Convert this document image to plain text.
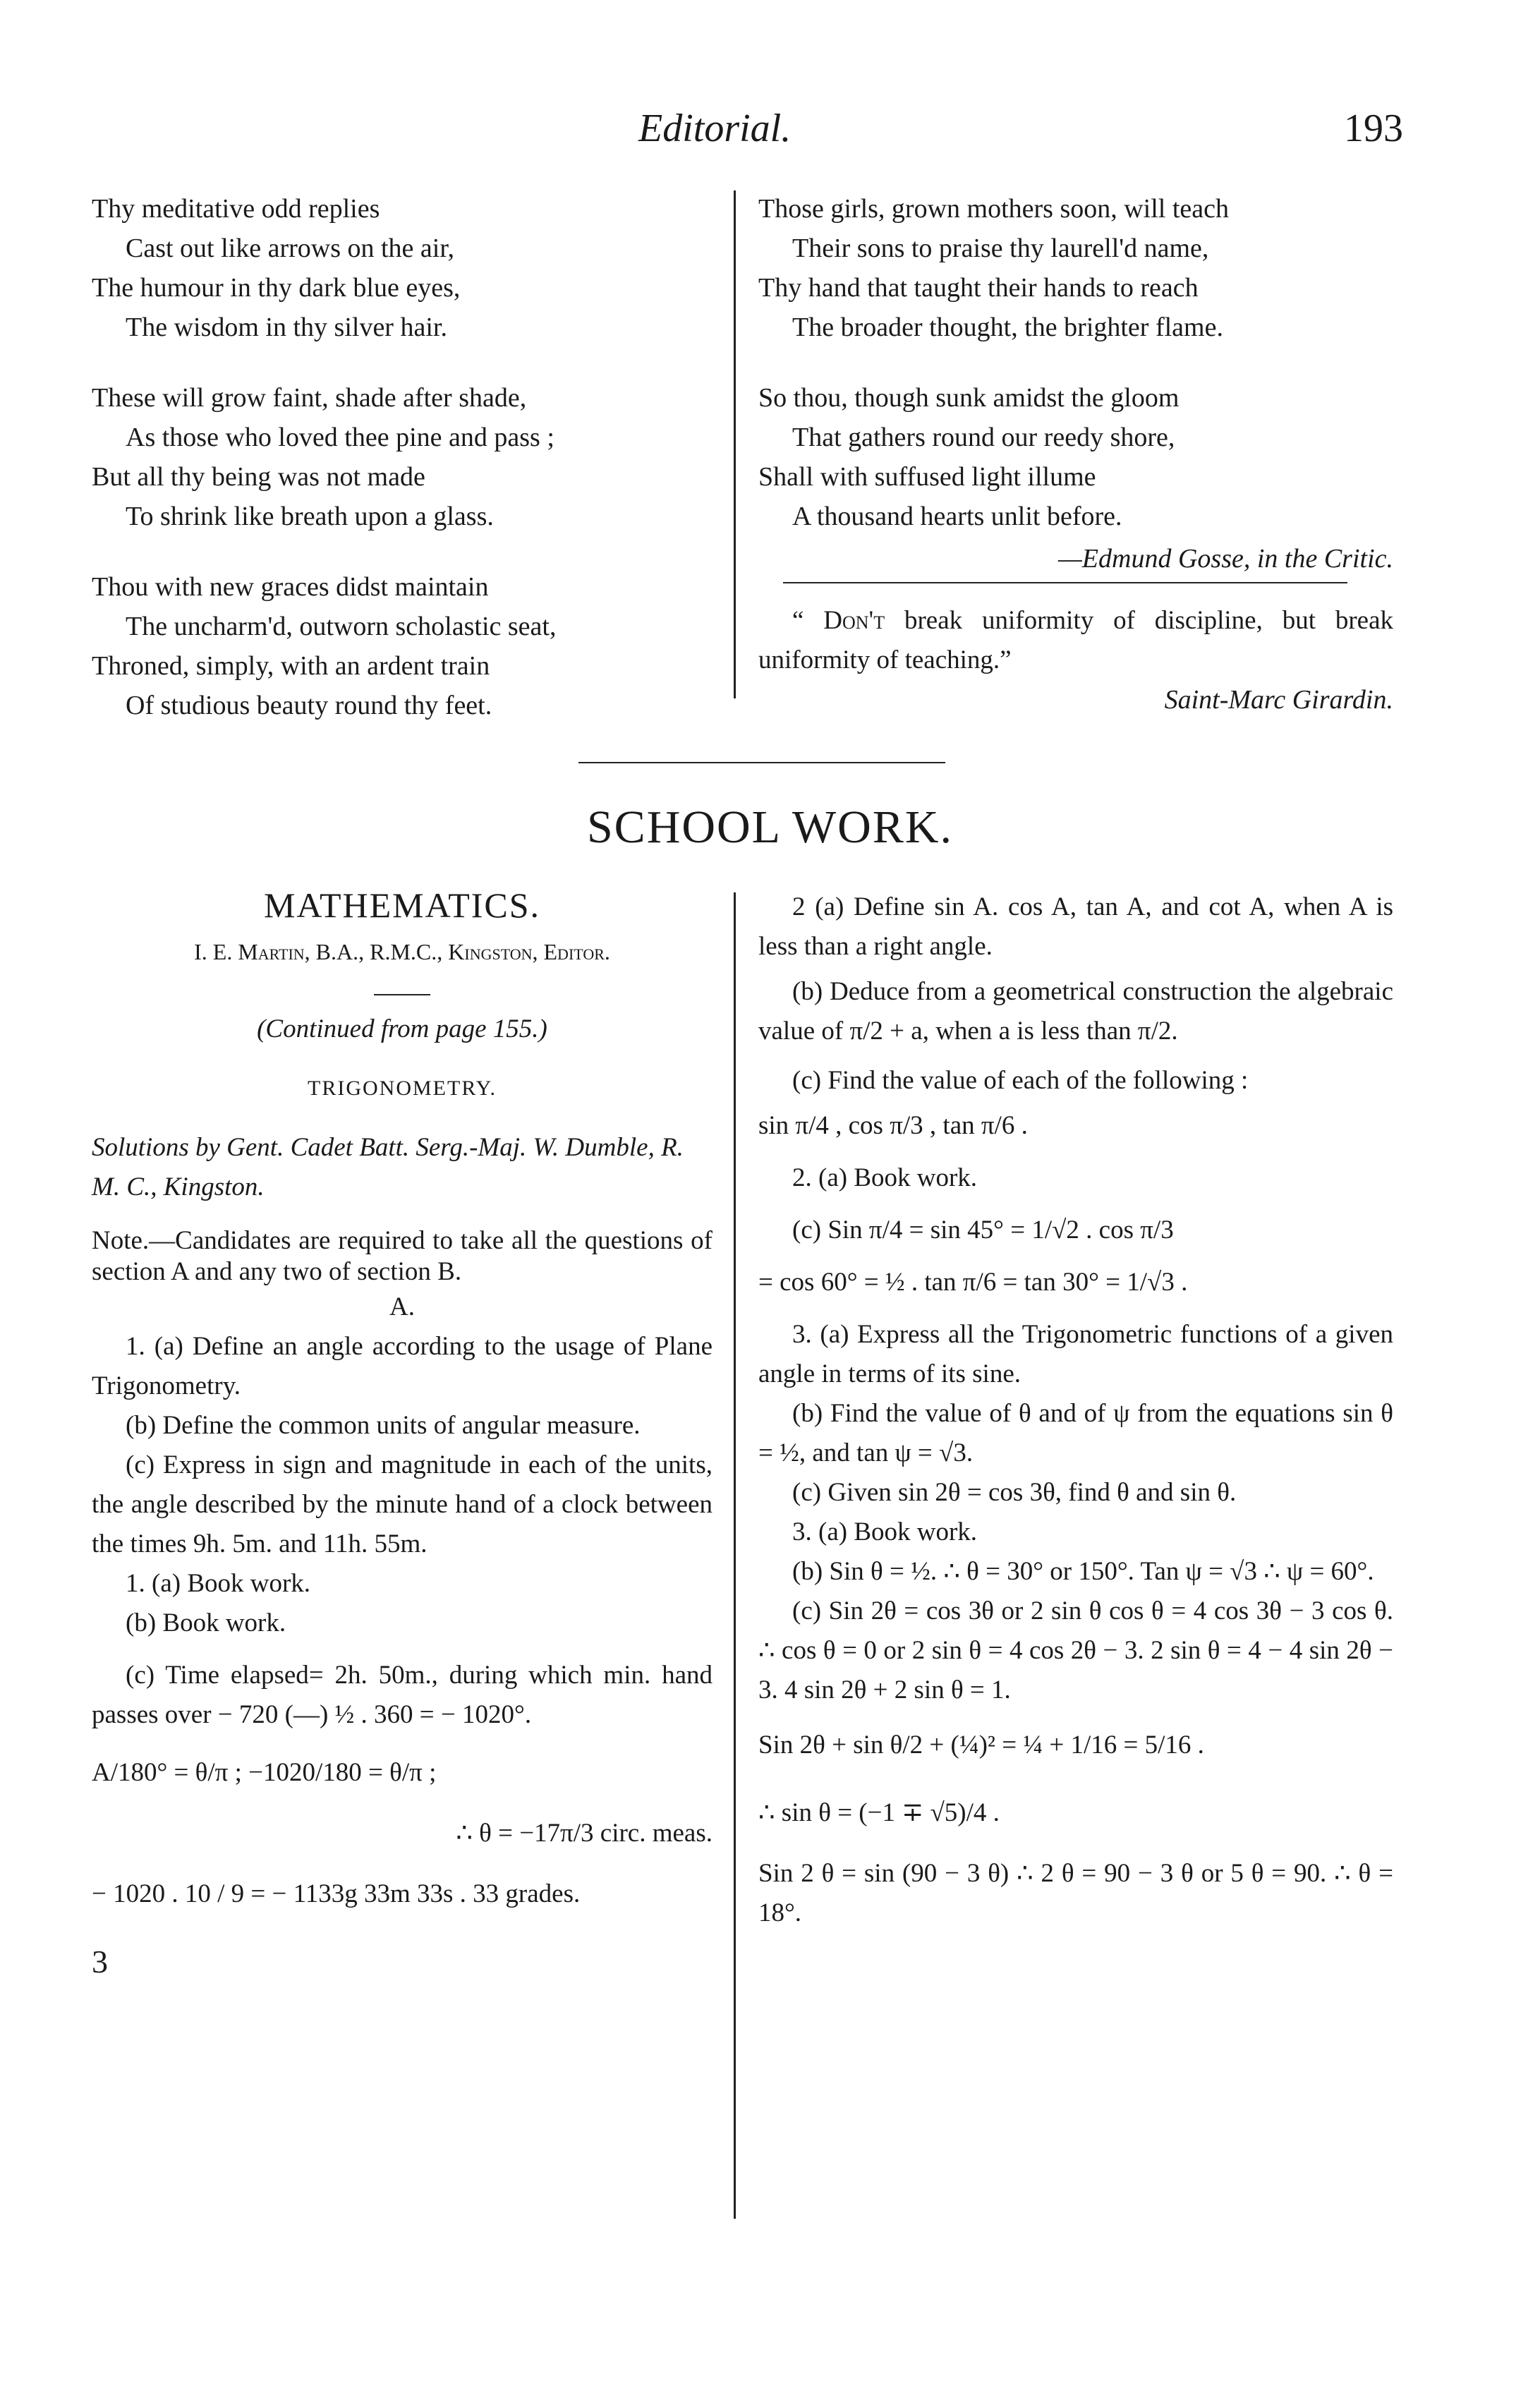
Editorial.	193
Thy meditative odd replies
Cast out like arrows on the air,
The humour in thy dark blue eyes,
The wisdom in thy silver hair.
These will grow faint, shade after shade,
As those who loved thee pine and pass ;
But all thy being was not made
To shrink like breath upon a glass.
Thou with new graces didst maintain
The uncharm'd, outworn scholastic seat,
Throned, simply, with an ardent train
Of studious beauty round thy feet.
Those girls, grown mothers soon, will teach
Their sons to praise thy laurell'd name,
Thy hand that taught their hands to reach
The broader thought, the brighter flame.
So thou, though sunk amidst the gloom
That gathers round our reedy shore,
Shall with suffused light illume
A thousand hearts unlit before.
—Edmund Gosse, in the Critic.

“ Don't break uniformity of discipline, but break uniformity of teaching.”

Saint-Marc Girardin.
SCHOOL WORK.
MATHEMATICS.
I. E. Martin, B.A., R.M.C., Kingston, Editor.
(Continued from page 155.)
TRIGONOMETRY.

Solutions by Gent. Cadet Batt. Serg.-Maj. W. Dumble, R. M. C., Kingston.

Note.—Candidates are required to take all the questions of section A and any two of section B.

A.

1. (a) Define an angle according to the usage of Plane Trigonometry.

(b) Define the common units of angular measure.

(c) Express in sign and magnitude in each of the units, the angle described by the minute hand of a clock between the times 9h. 5m. and 11h. 55m.

1. (a) Book work.

(b) Book work.

(c) Time elapsed= 2h. 50m., during which min. hand passes over − 720 (—) ½ . 360 = − 1020°.

A/180° = θ/π ; −1020/180 = θ/π ;
∴ θ = −17π/3 circ. meas.
− 1020 . 10 / 9 = − 1133g 33m 33s . 33 grades.
3

2 (a) Define sin A. cos A, tan A, and cot A, when A is less than a right angle.

(b) Deduce from a geometrical construction the algebraic value of π/2 + a, when a is less than π/2.

(c) Find the value of each of the following :

sin π/4 , cos π/3 , tan π/6 .

2. (a) Book work.

(c) Sin π/4 = sin 45° = 1/√2 . cos π/3
= cos 60° = ½ . tan π/6 = tan 30° = 1/√3 .

3. (a) Express all the Trigonometric functions of a given angle in terms of its sine.

(b) Find the value of θ and of ψ from the equations sin θ = ½, and tan ψ = √3.

(c) Given sin 2θ = cos 3θ, find θ and sin θ.

3. (a) Book work.

(b) Sin θ = ½. ∴ θ = 30° or 150°. Tan ψ = √3 ∴ ψ = 60°.

(c) Sin 2θ = cos 3θ or 2 sin θ cos θ = 4 cos 3θ − 3 cos θ. ∴ cos θ = 0 or 2 sin θ = 4 cos 2θ − 3. 2 sin θ = 4 − 4 sin 2θ − 3. 4 sin 2θ + 2 sin θ = 1.

Sin 2θ + sin θ/2 + (¼)² = ¼ + 1/16 = 5/16 .
∴ sin θ = (−1 ∓ √5)/4 .

Sin 2 θ = sin (90 − 3 θ) ∴ 2 θ = 90 − 3 θ or 5 θ = 90. ∴ θ = 18°.
